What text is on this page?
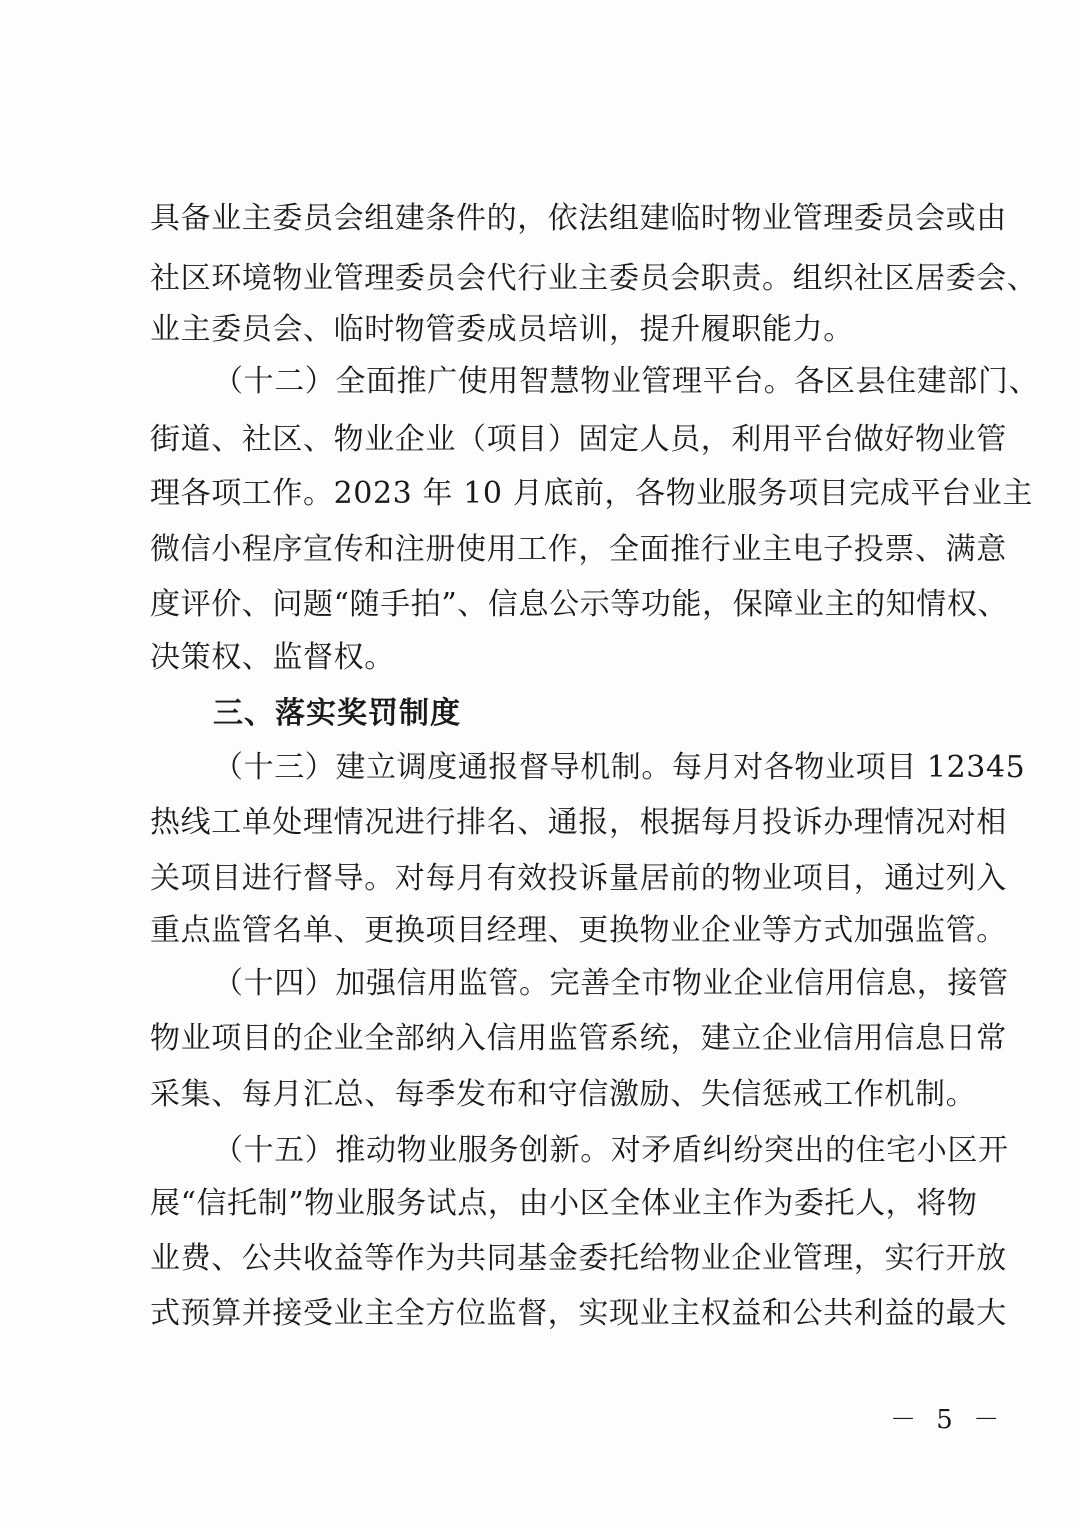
具备业主委员会组建条件的，依法组建临时物业管理委员会或由
社区环境物业管理委员会代行业主委员会职责。组织社区居委会、
业主委员会、临时物管委成员培训，提升履职能力。
（十二）全面推广使用智慧物业管理平台。各区县住建部门、
街道、社区、物业企业（项目）固定人员，利用平台做好物业管
理各项工作。2023 年 10 月底前，各物业服务项目完成平台业主
微信小程序宣传和注册使用工作，全面推行业主电子投票、满意
度评价、问题“随手拍”、信息公示等功能，保障业主的知情权、
决策权、监督权。
三、落实奖罚制度
（十三）建立调度通报督导机制。每月对各物业项目 12345
热线工单处理情况进行排名、通报，根据每月投诉办理情况对相
关项目进行督导。对每月有效投诉量居前的物业项目，通过列入
重点监管名单、更换项目经理、更换物业企业等方式加强监管。
（十四）加强信用监管。完善全市物业企业信用信息，接管
物业项目的企业全部纳入信用监管系统，建立企业信用信息日常
采集、每月汇总、每季发布和守信激励、失信惩戒工作机制。
（十五）推动物业服务创新。对矛盾纠纷突出的住宅小区开
展“信托制”物业服务试点，由小区全体业主作为委托人，将物
业费、公共收益等作为共同基金委托给物业企业管理，实行开放
式预算并接受业主全方位监督，实现业主权益和公共利益的最大
－ 5 －
